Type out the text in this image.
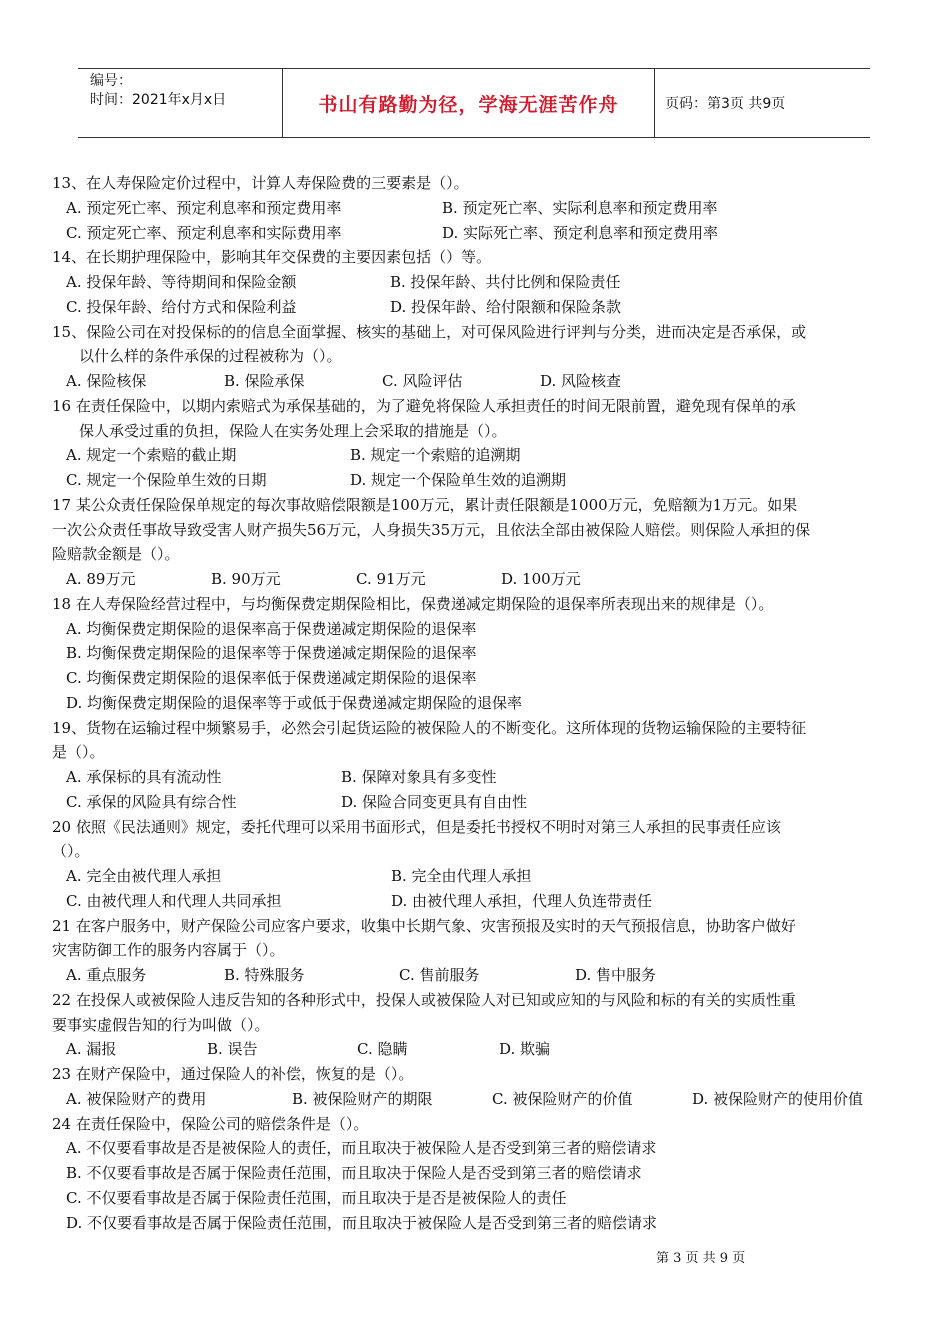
编号：
时间：2021年x月x日	书山有路勤为径，学海无涯苦作舟	页码：第3页 共9页
13、在人寿保险定价过程中，计算人寿保险费的三要素是（）。
A. 预定死亡率、预定利息率和预定费用率	B. 预定死亡率、实际利息率和预定费用率
C. 预定死亡率、预定利息率和实际费用率	D. 实际死亡率、预定利息率和预定费用率
14、在长期护理保险中，影响其年交保费的主要因素包括（）等。
A. 投保年龄、等待期间和保险金额	B. 投保年龄、共付比例和保险责任
C. 投保年龄、给付方式和保险利益	D. 投保年龄、给付限额和保险条款
15、保险公司在对投保标的的信息全面掌握、核实的基础上，对可保风险进行评判与分类，进而决定是否承保，或
以什么样的条件承保的过程被称为（）。
A. 保险核保	B. 保险承保	C. 风险评估	D. 风险核查
16 在责任保险中，以期内索赔式为承保基础的，为了避免将保险人承担责任的时间无限前置，避免现有保单的承
保人承受过重的负担，保险人在实务处理上会采取的措施是（）。
A. 规定一个索赔的截止期	B. 规定一个索赔的追溯期
C. 规定一个保险单生效的日期	D. 规定一个保险单生效的追溯期
17 某公众责任保险保单规定的每次事故赔偿限额是100万元，累计责任限额是1000万元，免赔额为1万元。如果
一次公众责任事故导致受害人财产损失56万元，人身损失35万元，且依法全部由被保险人赔偿。则保险人承担的保
险赔款金额是（）。
A. 89万元	B. 90万元	C. 91万元	D. 100万元
18 在人寿保险经营过程中，与均衡保费定期保险相比，保费递减定期保险的退保率所表现出来的规律是（）。
A. 均衡保费定期保险的退保率高于保费递减定期保险的退保率
B. 均衡保费定期保险的退保率等于保费递减定期保险的退保率
C. 均衡保费定期保险的退保率低于保费递减定期保险的退保率
D. 均衡保费定期保险的退保率等于或低于保费递减定期保险的退保率
19、货物在运输过程中频繁易手，必然会引起货运险的被保险人的不断变化。这所体现的货物运输保险的主要特征
是（）。
A. 承保标的具有流动性	B. 保障对象具有多变性
C. 承保的风险具有综合性	D. 保险合同变更具有自由性
20 依照《民法通则》规定，委托代理可以采用书面形式，但是委托书授权不明时对第三人承担的民事责任应该
（）。
A. 完全由被代理人承担	B. 完全由代理人承担
C. 由被代理人和代理人共同承担	D. 由被代理人承担，代理人负连带责任
21 在客户服务中，财产保险公司应客户要求，收集中长期气象、灾害预报及实时的天气预报信息，协助客户做好
灾害防御工作的服务内容属于（）。
A. 重点服务	B. 特殊服务	C. 售前服务	D. 售中服务
22 在投保人或被保险人违反告知的各种形式中，投保人或被保险人对已知或应知的与风险和标的有关的实质性重
要事实虚假告知的行为叫做（）。
A. 漏报	B. 误告	C. 隐瞒	D. 欺骗
23 在财产保险中，通过保险人的补偿，恢复的是（）。
A. 被保险财产的费用	B. 被保险财产的期限	C. 被保险财产的价值	D. 被保险财产的使用价值
24 在责任保险中，保险公司的赔偿条件是（）。
A. 不仅要看事故是否是被保险人的责任，而且取决于被保险人是否受到第三者的赔偿请求
B. 不仅要看事故是否属于保险责任范围，而且取决于保险人是否受到第三者的赔偿请求
C. 不仅要看事故是否属于保险责任范围，而且取决于是否是被保险人的责任
D. 不仅要看事故是否属于保险责任范围，而且取决于被保险人是否受到第三者的赔偿请求
第 3 页 共 9 页
